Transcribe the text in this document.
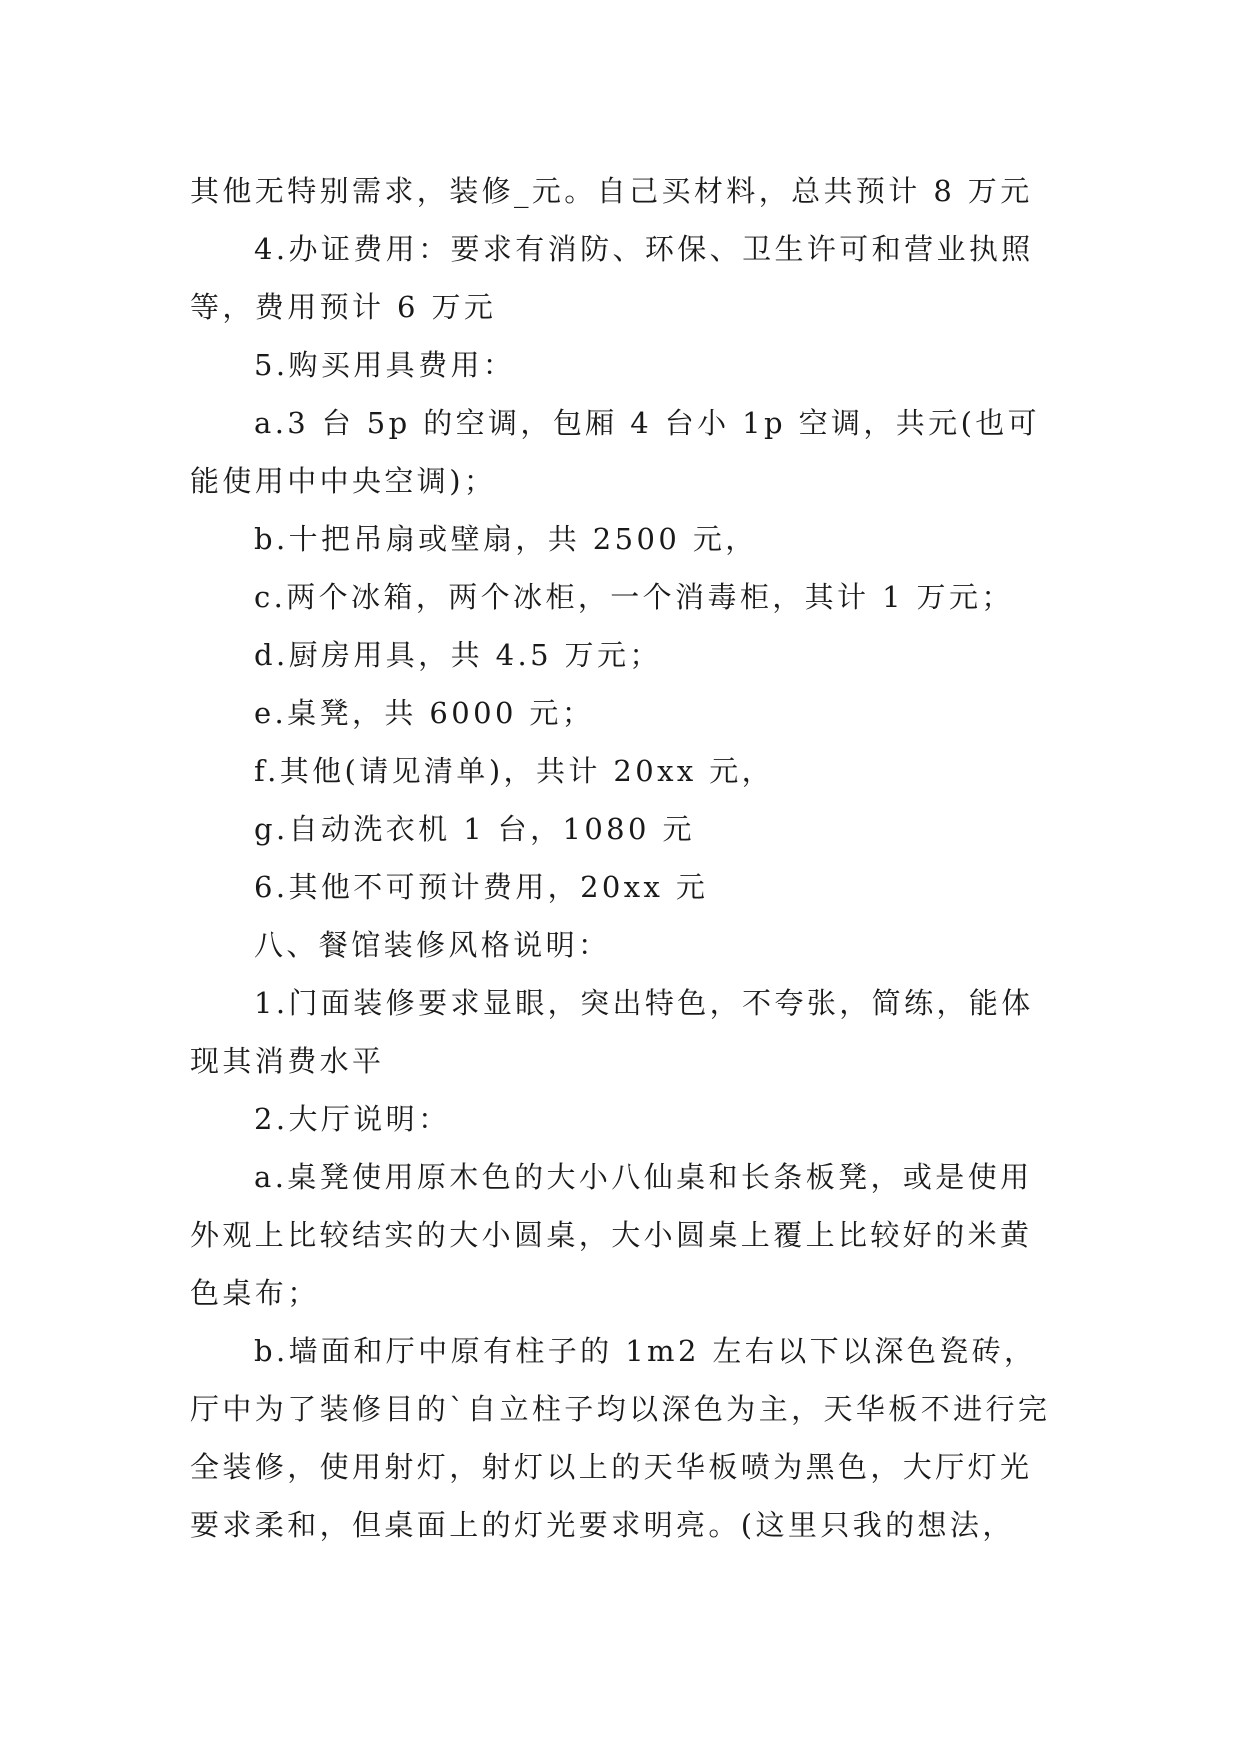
其他无特别需求，装修_元。自己买材料，总共预计 8 万元

4.办证费用：要求有消防、环保、卫生许可和营业执照等，费用预计 6 万元

5.购买用具费用：

a.3 台 5p 的空调，包厢 4 台小 1p 空调，共元(也可能使用中中央空调)；

b.十把吊扇或壁扇，共 2500 元，

c.两个冰箱，两个冰柜，一个消毒柜，其计 1 万元；

d.厨房用具，共 4.5 万元；

e.桌凳，共 6000 元；

f.其他(请见清单)，共计 20xx 元，

g.自动洗衣机 1 台，1080 元

6.其他不可预计费用，20xx 元

八、餐馆装修风格说明：

1.门面装修要求显眼，突出特色，不夸张，简练，能体现其消费水平

2.大厅说明：

a.桌凳使用原木色的大小八仙桌和长条板凳，或是使用外观上比较结实的大小圆桌，大小圆桌上覆上比较好的米黄色桌布；

b.墙面和厅中原有柱子的 1m2 左右以下以深色瓷砖，厅中为了装修目的`自立柱子均以深色为主，天华板不进行完全装修，使用射灯，射灯以上的天华板喷为黑色，大厅灯光要求柔和，但桌面上的灯光要求明亮。(这里只我的想法，
